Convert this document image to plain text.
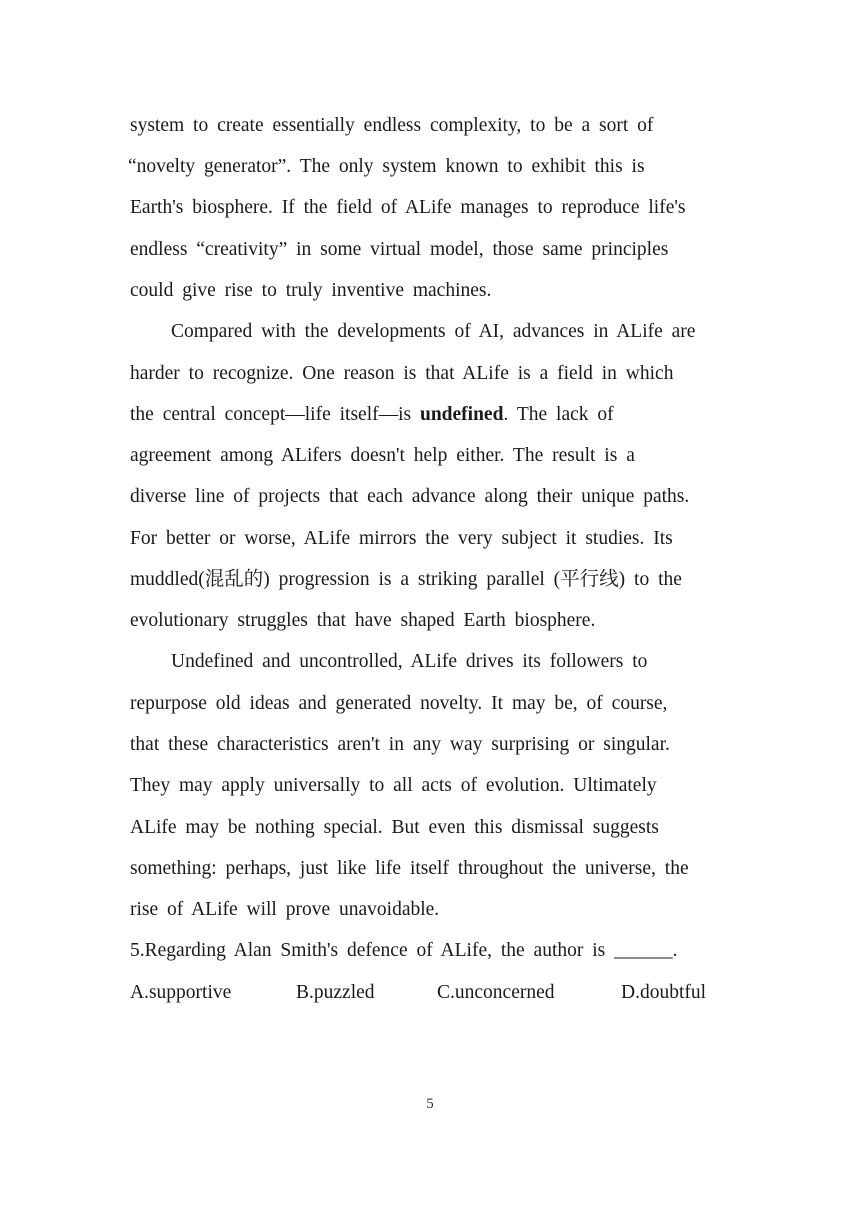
system to create essentially endless complexity, to be a sort of
“novelty generator”. The only system known to exhibit this is
Earth's biosphere. If the field of ALife manages to reproduce life's
endless “creativity” in some virtual model, those same principles
could give rise to truly inventive machines.
Compared with the developments of AI, advances in ALife are
harder to recognize. One reason is that ALife is a field in which
the central concept—life itself—is undefined. The lack of
agreement among ALifers doesn't help either. The result is a
diverse line of projects that each advance along their unique paths.
For better or worse, ALife mirrors the very subject it studies. Its
muddled(混乱的) progression is a striking parallel (平行线) to the
evolutionary struggles that have shaped Earth biosphere.
Undefined and uncontrolled, ALife drives its followers to
repurpose old ideas and generated novelty. It may be, of course,
that these characteristics aren't in any way surprising or singular.
They may apply universally to all acts of evolution. Ultimately
ALife may be nothing special. But even this dismissal suggests
something: perhaps, just like life itself throughout the universe, the
rise of ALife will prove unavoidable.
5.Regarding Alan Smith's defence of ALife, the author is ______.
A.supportive	B.puzzled	C.unconcerned	D.doubtful
5
